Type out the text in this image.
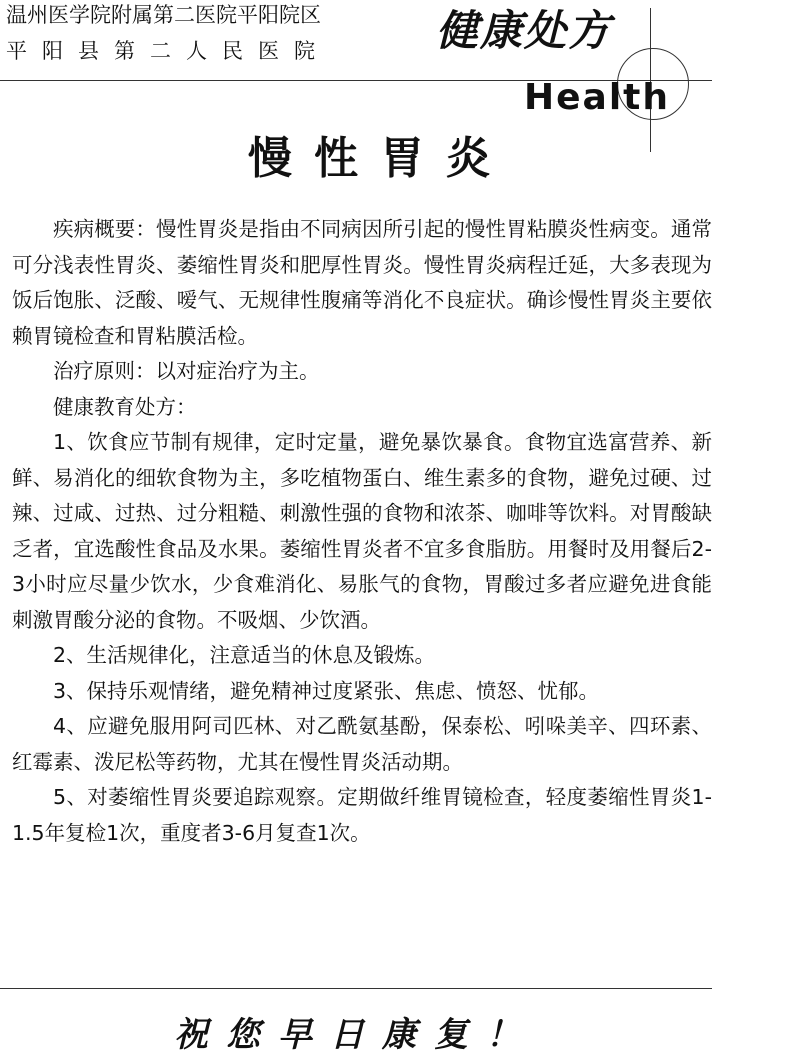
温州医学院附属第二医院平阳院区
平阳县第二人民医院	健康处方
Health
慢性胃炎

疾病概要：慢性胃炎是指由不同病因所引起的慢性胃粘膜炎性病变。通常可分浅表性胃炎、萎缩性胃炎和肥厚性胃炎。慢性胃炎病程迁延，大多表现为饭后饱胀、泛酸、嗳气、无规律性腹痛等消化不良症状。确诊慢性胃炎主要依赖胃镜检查和胃粘膜活检。

治疗原则：以对症治疗为主。

健康教育处方：

1、饮食应节制有规律，定时定量，避免暴饮暴食。食物宜选富营养、新鲜、易消化的细软食物为主，多吃植物蛋白、维生素多的食物，避免过硬、过辣、过咸、过热、过分粗糙、刺激性强的食物和浓茶、咖啡等饮料。对胃酸缺乏者，宜选酸性食品及水果。萎缩性胃炎者不宜多食脂肪。用餐时及用餐后2-3小时应尽量少饮水，少食难消化、易胀气的食物，胃酸过多者应避免进食能刺激胃酸分泌的食物。不吸烟、少饮酒。

2、生活规律化，注意适当的休息及锻炼。

3、保持乐观情绪，避免精神过度紧张、焦虑、愤怒、忧郁。

4、应避免服用阿司匹林、对乙酰氨基酚，保泰松、吲哚美辛、四环素、红霉素、泼尼松等药物，尤其在慢性胃炎活动期。

5、对萎缩性胃炎要追踪观察。定期做纤维胃镜检查，轻度萎缩性胃炎1-1.5年复检1次，重度者3-6月复查1次。

祝您早日康复！
